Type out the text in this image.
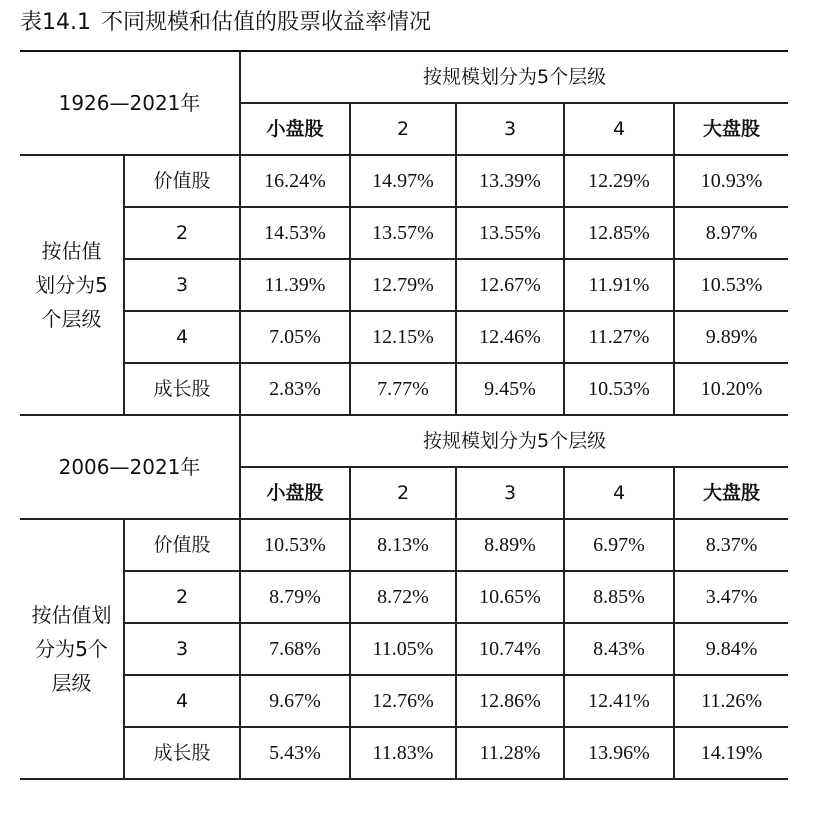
表14.1 不同规模和估值的股票收益率情况
1926—2021年		按规模划分为5个层级				
		小盘股	2	3	4	大盘股

按估值
划分为5
个层级	价值股	16.24%	14.97%	13.39%	12.29%	10.93%
	2	14.53%	13.57%	13.55%	12.85%	8.97%
	3	11.39%	12.79%	12.67%	11.91%	10.53%
	4	7.05%	12.15%	12.46%	11.27%	9.89%
	成长股	2.83%	7.77%	9.45%	10.53%	10.20%
2006—2021年		按规模划分为5个层级				
		小盘股	2	3	4	大盘股

按估值划
分为5个
层级	价值股	10.53%	8.13%	8.89%	6.97%	8.37%
	2	8.79%	8.72%	10.65%	8.85%	3.47%
	3	7.68%	11.05%	10.74%	8.43%	9.84%
	4	9.67%	12.76%	12.86%	12.41%	11.26%
	成长股	5.43%	11.83%	11.28%	13.96%	14.19%
